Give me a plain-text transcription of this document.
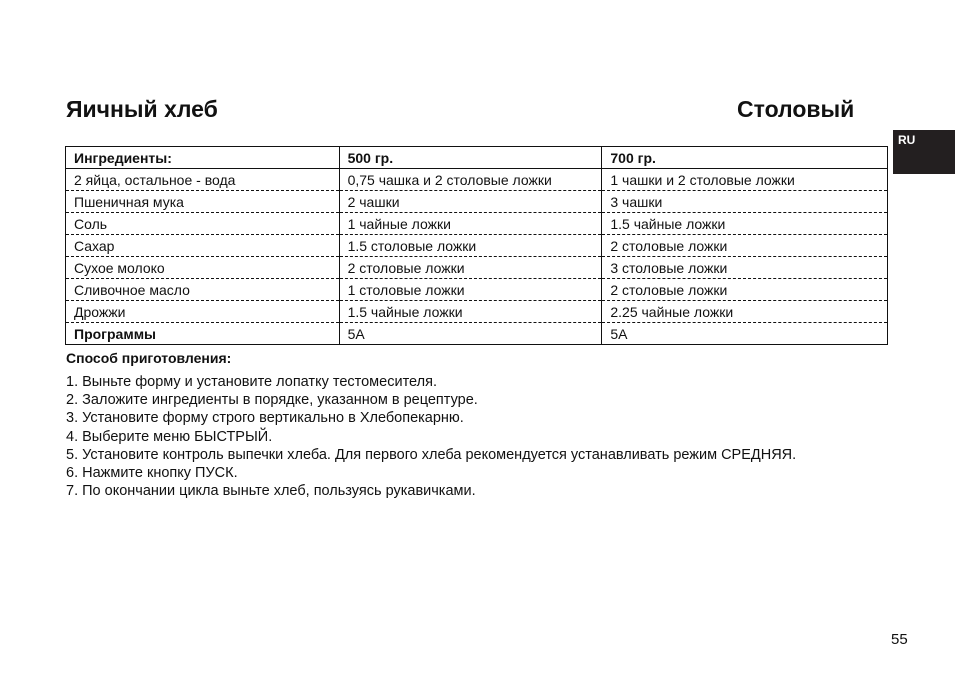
Яичный хлеб	Столовый
RU
Ингредиенты:	500 гр.	700 гр.
2 яйца, остальное - вода	0,75 чашка и 2 столовые ложки	1 чашки и 2 столовые ложки
Пшеничная мука	2 чашки	3 чашки
Соль	1 чайные ложки	1.5 чайные ложки
Сахар	1.5 столовые ложки	2 столовые ложки
Сухое молоко	2 столовые ложки	3 столовые ложки
Сливочное масло	1 столовые ложки	2 столовые ложки
Дрожжи	1.5 чайные ложки	2.25 чайные ложки
Программы	5А	5А
Способ приготовления:
1. Выньте форму и установите лопатку тестомесителя.
2. Заложите ингредиенты в порядке, указанном в рецептуре.
3. Установите форму строго вертикально в Хлебопекарню.
4. Выберите меню БЫСТРЫЙ.
5. Установите контроль выпечки хлеба. Для первого хлеба рекомендуется устанавливать режим СРЕДНЯЯ.
6. Нажмите кнопку ПУСК.
7. По окончании цикла выньте хлеб, пользуясь рукавичками.
55
